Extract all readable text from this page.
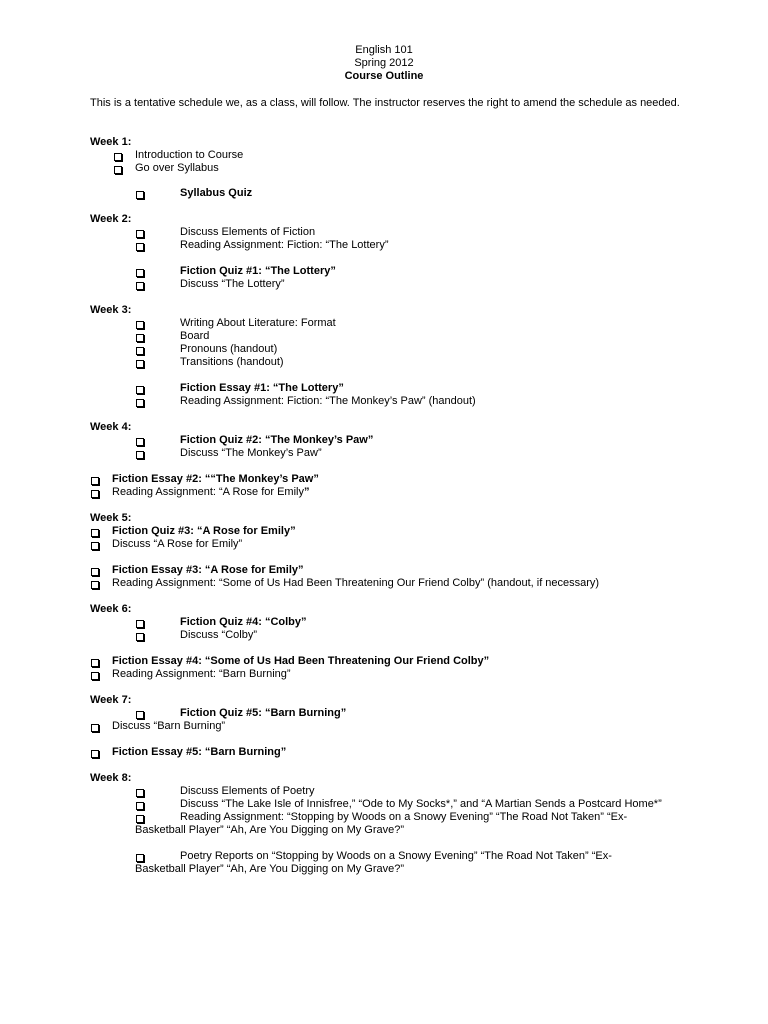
English 101
Spring 2012
Course Outline
This is a tentative schedule we, as a class, will follow. The instructor reserves the right to amend the schedule as needed.
Week 1:
Introduction to Course
Go over Syllabus
Syllabus Quiz
Week 2:
Discuss Elements of Fiction
Reading Assignment: Fiction: “The Lottery”
Fiction Quiz #1: “The Lottery”
Discuss “The Lottery”
Week 3:
Writing About Literature: Format
Board
Pronouns (handout)
Transitions (handout)
Fiction Essay #1: “The Lottery”
Reading Assignment: Fiction: “The Monkey’s Paw” (handout)
Week 4:
Fiction Quiz #2: “The Monkey’s Paw”
Discuss “The Monkey’s Paw”
Fiction Essay #2: ““The Monkey’s Paw”
Reading Assignment: “A Rose for Emily”
Week 5:
Fiction Quiz #3: “A Rose for Emily”
Discuss “A Rose for Emily”
Fiction Essay #3: “A Rose for Emily”
Reading Assignment: “Some of Us Had Been Threatening Our Friend Colby” (handout, if necessary)
Week 6:
Fiction Quiz #4: “Colby”
Discuss “Colby”
Fiction Essay #4: “Some of Us Had Been Threatening Our Friend Colby”
Reading Assignment: “Barn Burning”
Week 7:
Fiction Quiz #5: “Barn Burning”
Discuss “Barn Burning”
Fiction Essay #5: “Barn Burning”
Week 8:
Discuss Elements of Poetry
Discuss “The Lake Isle of Innisfree,” “Ode to My Socks*,” and “A Martian Sends a Postcard Home*”
Reading Assignment: “Stopping by Woods on a Snowy Evening” “The Road Not Taken” “Ex-
Basketball Player” “Ah, Are You Digging on My Grave?”
Poetry Reports on “Stopping by Woods on a Snowy Evening” “The Road Not Taken” “Ex-
Basketball Player” “Ah, Are You Digging on My Grave?”
